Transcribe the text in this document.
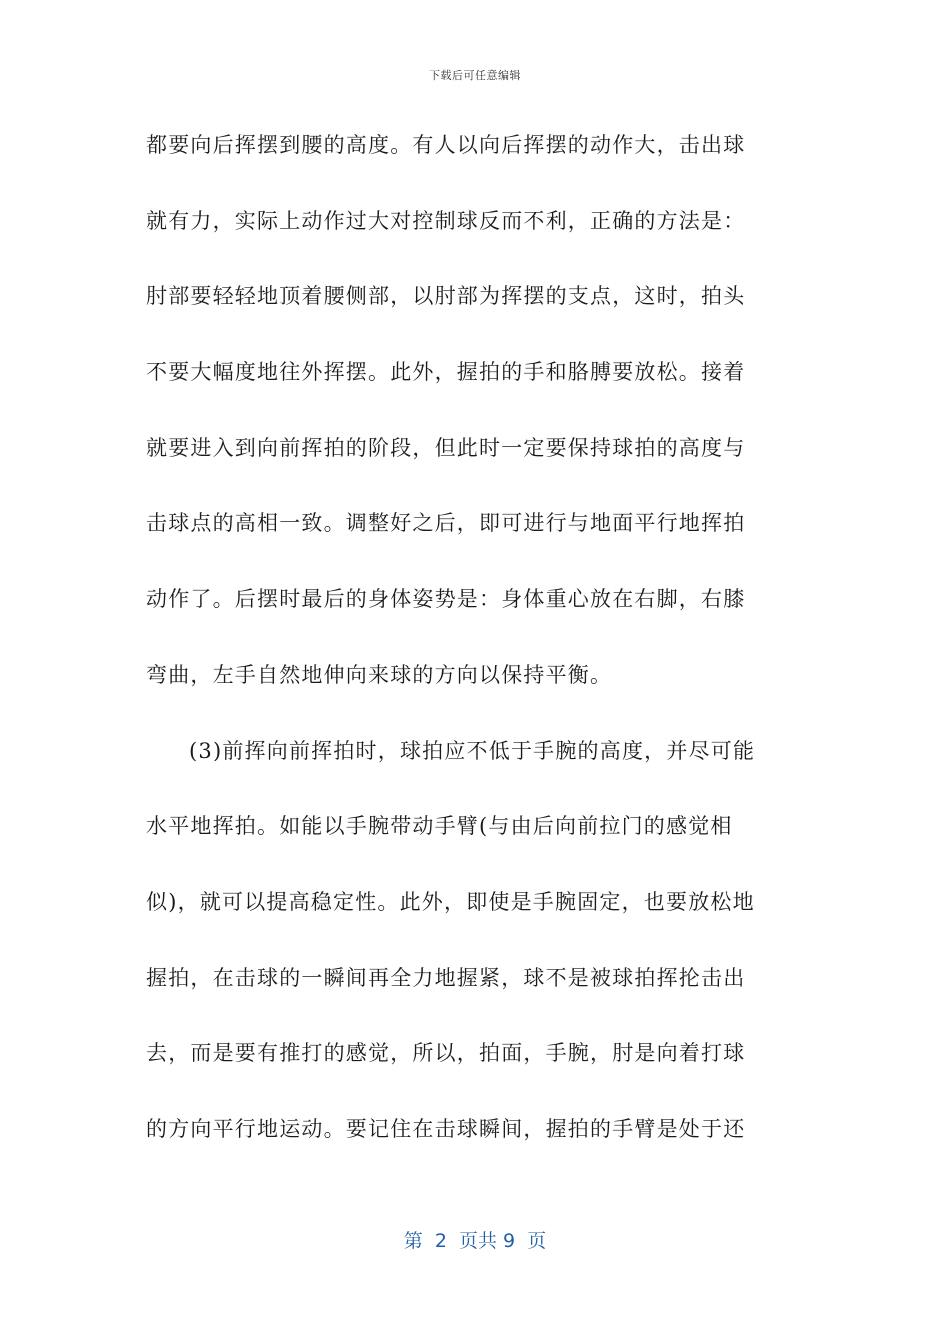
下载后可任意编辑
都要向后挥摆到腰的高度。有人以向后挥摆的动作大，击出球
就有力，实际上动作过大对控制球反而不利，正确的方法是：
肘部要轻轻地顶着腰侧部，以肘部为挥摆的支点，这时，拍头
不要大幅度地往外挥摆。此外，握拍的手和胳膊要放松。接着
就要进入到向前挥拍的阶段，但此时一定要保持球拍的高度与
击球点的高相一致。调整好之后，即可进行与地面平行地挥拍
动作了。后摆时最后的身体姿势是：身体重心放在右脚，右膝
弯曲，左手自然地伸向来球的方向以保持平衡。
(3)前挥向前挥拍时，球拍应不低于手腕的高度，并尽可能
水平地挥拍。如能以手腕带动手臂(与由后向前拉门的感觉相
似)，就可以提高稳定性。此外，即使是手腕固定，也要放松地
握拍，在击球的一瞬间再全力地握紧，球不是被球拍挥抡击出
去，而是要有推打的感觉，所以，拍面，手腕，肘是向着打球
的方向平行地运动。要记住在击球瞬间，握拍的手臂是处于还
第  2  页共 9  页
